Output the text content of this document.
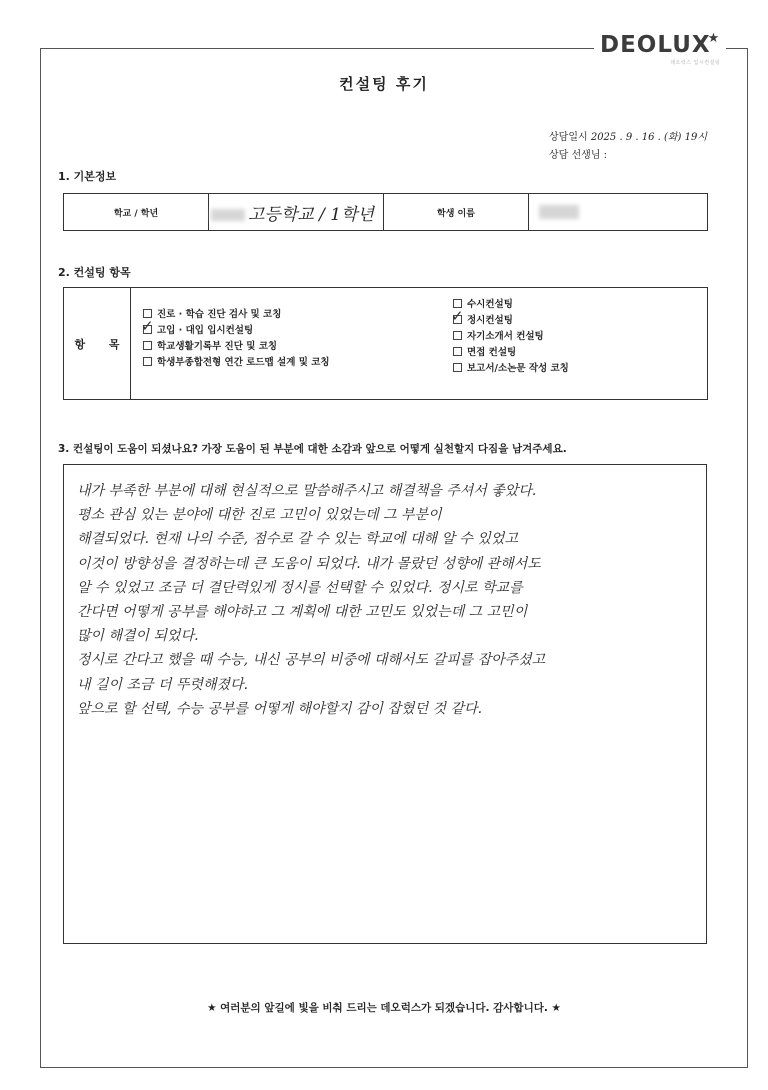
DEOLUX★
데오럭스 입시컨설팅
컨설팅 후기
상담일시 2025 . 9 . 16 . (화) 19시
상담 선생님 :
1. 기본정보
학교 / 학년	고등학교 / 1학년	학생 이름	
2. 컨설팅 항목
항 목	
진로 · 학습 진단 검사 및 코칭
✓ 고입 · 대입 입시컨설팅
학교생활기록부 진단 및 코칭
학생부종합전형 연간 로드맵 설계 및 코칭
수시컨설팅
✓ 정시컨설팅
자기소개서 컨설팅
면접 컨설팅
보고서/소논문 작성 코칭
3. 컨설팅이 도움이 되셨나요? 가장 도움이 된 부분에 대한 소감과 앞으로 어떻게 실천할지 다짐을 남겨주세요.
내가 부족한 부분에 대해 현실적으로 말씀해주시고 해결책을 주셔서 좋았다.
평소 관심 있는 분야에 대한 진로 고민이 있었는데 그 부분이
해결되었다. 현재 나의 수준, 점수로 갈 수 있는 학교에 대해 알 수 있었고
이것이 방향성을 결정하는데 큰 도움이 되었다. 내가 몰랐던 성향에 관해서도
알 수 있었고 조금 더 결단력있게 정시를 선택할 수 있었다. 정시로 학교를
간다면 어떻게 공부를 해야하고 그 계획에 대한 고민도 있었는데 그 고민이
많이 해결이 되었다.
정시로 간다고 했을 때 수능, 내신 공부의 비중에 대해서도 갈피를 잡아주셨고
내 길이 조금 더 뚜렷해졌다.
앞으로 할 선택, 수능 공부를 어떻게 해야할지 감이 잡혔던 것 같다.
★ 여러분의 앞길에 빛을 비춰 드리는 데오럭스가 되겠습니다. 감사합니다. ★
